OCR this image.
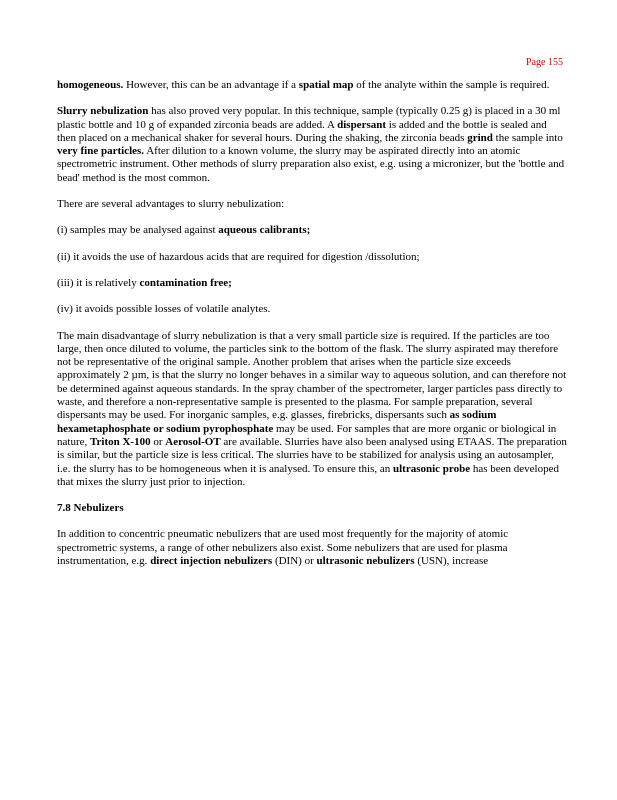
Page 155

homogeneous. However, this can be an advantage if a spatial map of the analyte within the sample is required.

Slurry nebulization has also proved very popular. In this technique, sample (typically 0.25 g) is placed in a 30 ml plastic bottle and 10 g of expanded zirconia beads are added. A dispersant is added and the bottle is sealed and then placed on a mechanical shaker for several hours. During the shaking, the zirconia beads grind the sample into very fine particles. After dilution to a known volume, the slurry may be aspirated directly into an atomic spectrometric instrument. Other methods of slurry preparation also exist, e.g. using a micronizer, but the 'bottle and bead' method is the most common.

There are several advantages to slurry nebulization:

(i) samples may be analysed against aqueous calibrants;

(ii) it avoids the use of hazardous acids that are required for digestion /dissolution;

(iii) it is relatively contamination free;

(iv) it avoids possible losses of volatile analytes.

The main disadvantage of slurry nebulization is that a very small particle size is required. If the particles are too large, then once diluted to volume, the particles sink to the bottom of the flask. The slurry aspirated may therefore not be representative of the original sample. Another problem that arises when the particle size exceeds approximately 2 µm, is that the slurry no longer behaves in a similar way to aqueous solution, and can therefore not be determined against aqueous standards. In the spray chamber of the spectrometer, larger particles pass directly to waste, and therefore a non-representative sample is presented to the plasma. For sample preparation, several dispersants may be used. For inorganic samples, e.g. glasses, firebricks, dispersants such as sodium hexametaphosphate or sodium pyrophosphate may be used. For samples that are more organic or biological in nature, Triton X-100 or Aerosol-OT are available. Slurries have also been analysed using ETAAS. The preparation is similar, but the particle size is less critical. The slurries have to be stabilized for analysis using an autosampler, i.e. the slurry has to be homogeneous when it is analysed. To ensure this, an ultrasonic probe has been developed that mixes the slurry just prior to injection.

7.8 Nebulizers

In addition to concentric pneumatic nebulizers that are used most frequently for the majority of atomic spectrometric systems, a range of other nebulizers also exist. Some nebulizers that are used for plasma instrumentation, e.g. direct injection nebulizers (DIN) or ultrasonic nebulizers (USN), increase
